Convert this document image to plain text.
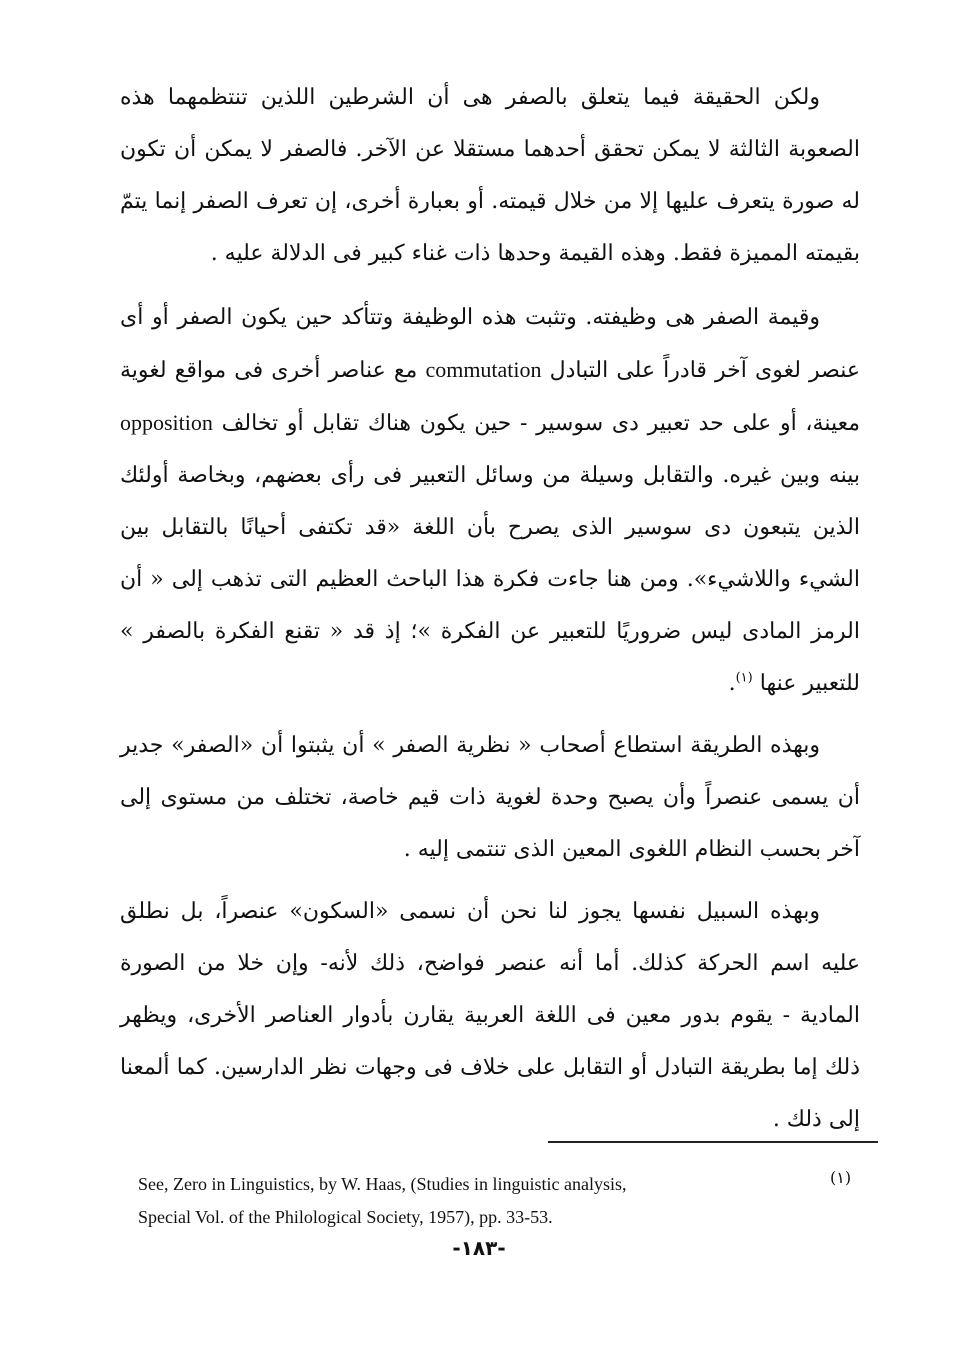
ولكن الحقيقة فيما يتعلق بالصفر هى أن الشرطين اللذين تنتظمهما هذه الصعوبة الثالثة لا يمكن تحقق أحدهما مستقلا عن الآخر. فالصفر لا يمكن أن تكون له صورة يتعرف عليها إلا من خلال قيمته. أو بعبارة أخرى، إن تعرف الصفر إنما يتمّ بقيمته المميزة فقط. وهذه القيمة وحدها ذات غناء كبير فى الدلالة عليه .

وقيمة الصفر هى وظيفته. وتثبت هذه الوظيفة وتتأكد حين يكون الصفر أو أى عنصر لغوى آخر قادراً على التبادل commutation مع عناصر أخرى فى مواقع لغوية معينة، أو على حد تعبير دى سوسير - حين يكون هناك تقابل أو تخالف opposition بينه وبين غيره. والتقابل وسيلة من وسائل التعبير فى رأى بعضهم، وبخاصة أولئك الذين يتبعون دى سوسير الذى يصرح بأن اللغة «قد تكتفى أحيانًا بالتقابل بين الشيء واللاشيء». ومن هنا جاءت فكرة هذا الباحث العظيم التى تذهب إلى « أن الرمز المادى ليس ضروريًا للتعبير عن الفكرة »؛ إذ قد « تقنع الفكرة بالصفر » للتعبير عنها $^{(١)}$.

وبهذه الطريقة استطاع أصحاب « نظرية الصفر » أن يثبتوا أن «الصفر» جدير أن يسمى عنصراً وأن يصبح وحدة لغوية ذات قيم خاصة، تختلف من مستوى إلى آخر بحسب النظام اللغوى المعين الذى تنتمى إليه .

وبهذه السبيل نفسها يجوز لنا نحن أن نسمى «السكون» عنصراً، بل نطلق عليه اسم الحركة كذلك. أما أنه عنصر فواضح، ذلك لأنه- وإن خلا من الصورة المادية - يقوم بدور معين فى اللغة العربية يقارن بأدوار العناصر الأخرى، ويظهر ذلك إما بطريقة التبادل أو التقابل على خلاف فى وجهات نظر الدارسين. كما ألمعنا إلى ذلك .

(١)
See, Zero in Linguistics, by W. Haas, (Studies in linguistic analysis,
Special Vol. of the Philological Society, 1957), pp. 33-53.
-١٨٣-
